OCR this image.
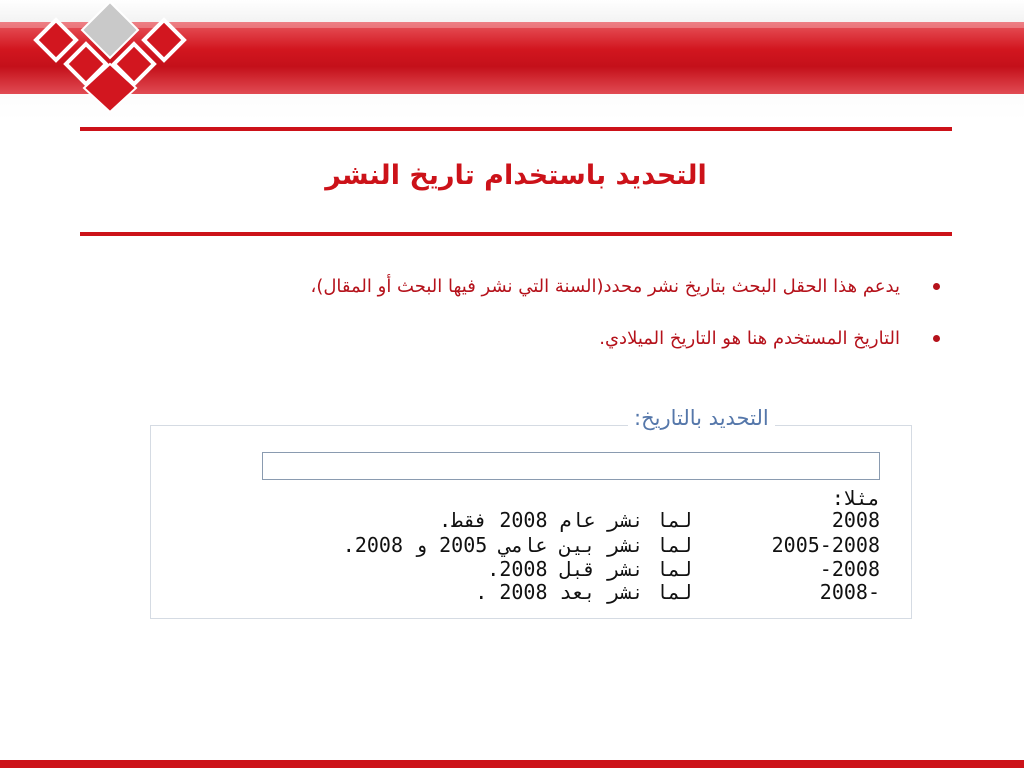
التحديد باستخدام تاريخ النشر
يدعم هذا الحقل البحث بتاريخ نشر محدد(السنة التي نشر فيها البحث أو المقال)،
التاريخ المستخدم هنا هو التاريخ الميلادي.
التحديد بالتاريخ:
مثلا:
2008
لما نشر عام 2008 فقط.
2005-2008
لما نشر بين عامي 2005 و 2008.
-2008
لما نشر قبل 2008.
2008-
لما نشر بعد 2008 .
